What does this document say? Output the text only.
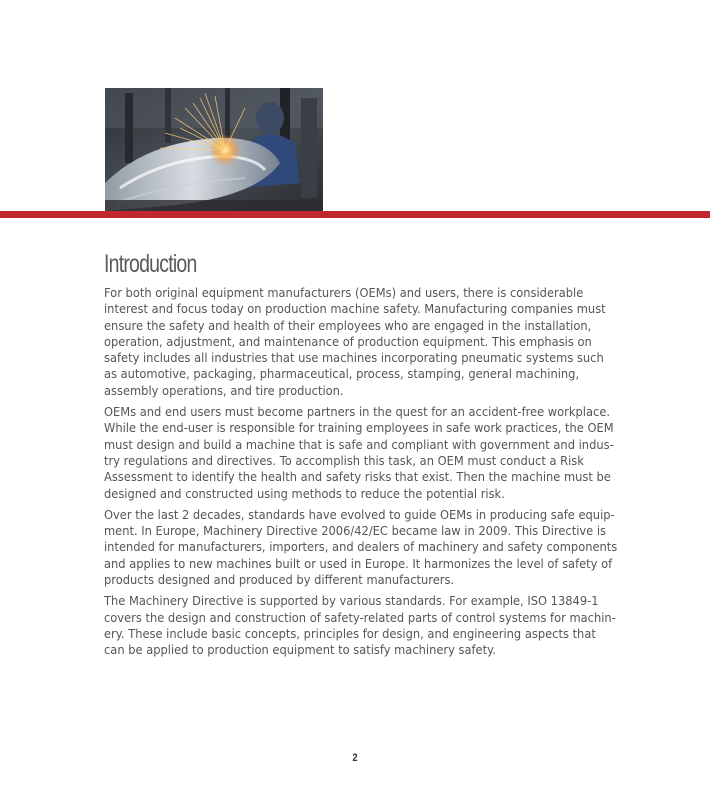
Introduction

For both original equipment manufacturers (OEMs) and users, there is considerable
interest and focus today on production machine safety. Manufacturing companies must
ensure the safety and health of their employees who are engaged in the installation,
operation, adjustment, and maintenance of production equipment. This emphasis on
safety includes all industries that use machines incorporating pneumatic systems such
as automotive, packaging, pharmaceutical, process, stamping, general machining,
assembly operations, and tire production.

OEMs and end users must become partners in the quest for an accident-free workplace.
While the end-user is responsible for training employees in safe work practices, the OEM
must design and build a machine that is safe and compliant with government and indus-
try regulations and directives. To accomplish this task, an OEM must conduct a Risk
Assessment to identify the health and safety risks that exist. Then the machine must be
designed and constructed using methods to reduce the potential risk.

Over the last 2 decades, standards have evolved to guide OEMs in producing safe equip-
ment. In Europe, Machinery Directive 2006/42/EC became law in 2009. This Directive is
intended for manufacturers, importers, and dealers of machinery and safety components
and applies to new machines built or used in Europe. It harmonizes the level of safety of
products designed and produced by different manufacturers.

The Machinery Directive is supported by various standards. For example, ISO 13849-1
covers the design and construction of safety-related parts of control systems for machin-
ery. These include basic concepts, principles for design, and engineering aspects that
can be applied to production equipment to satisfy machinery safety.

2
